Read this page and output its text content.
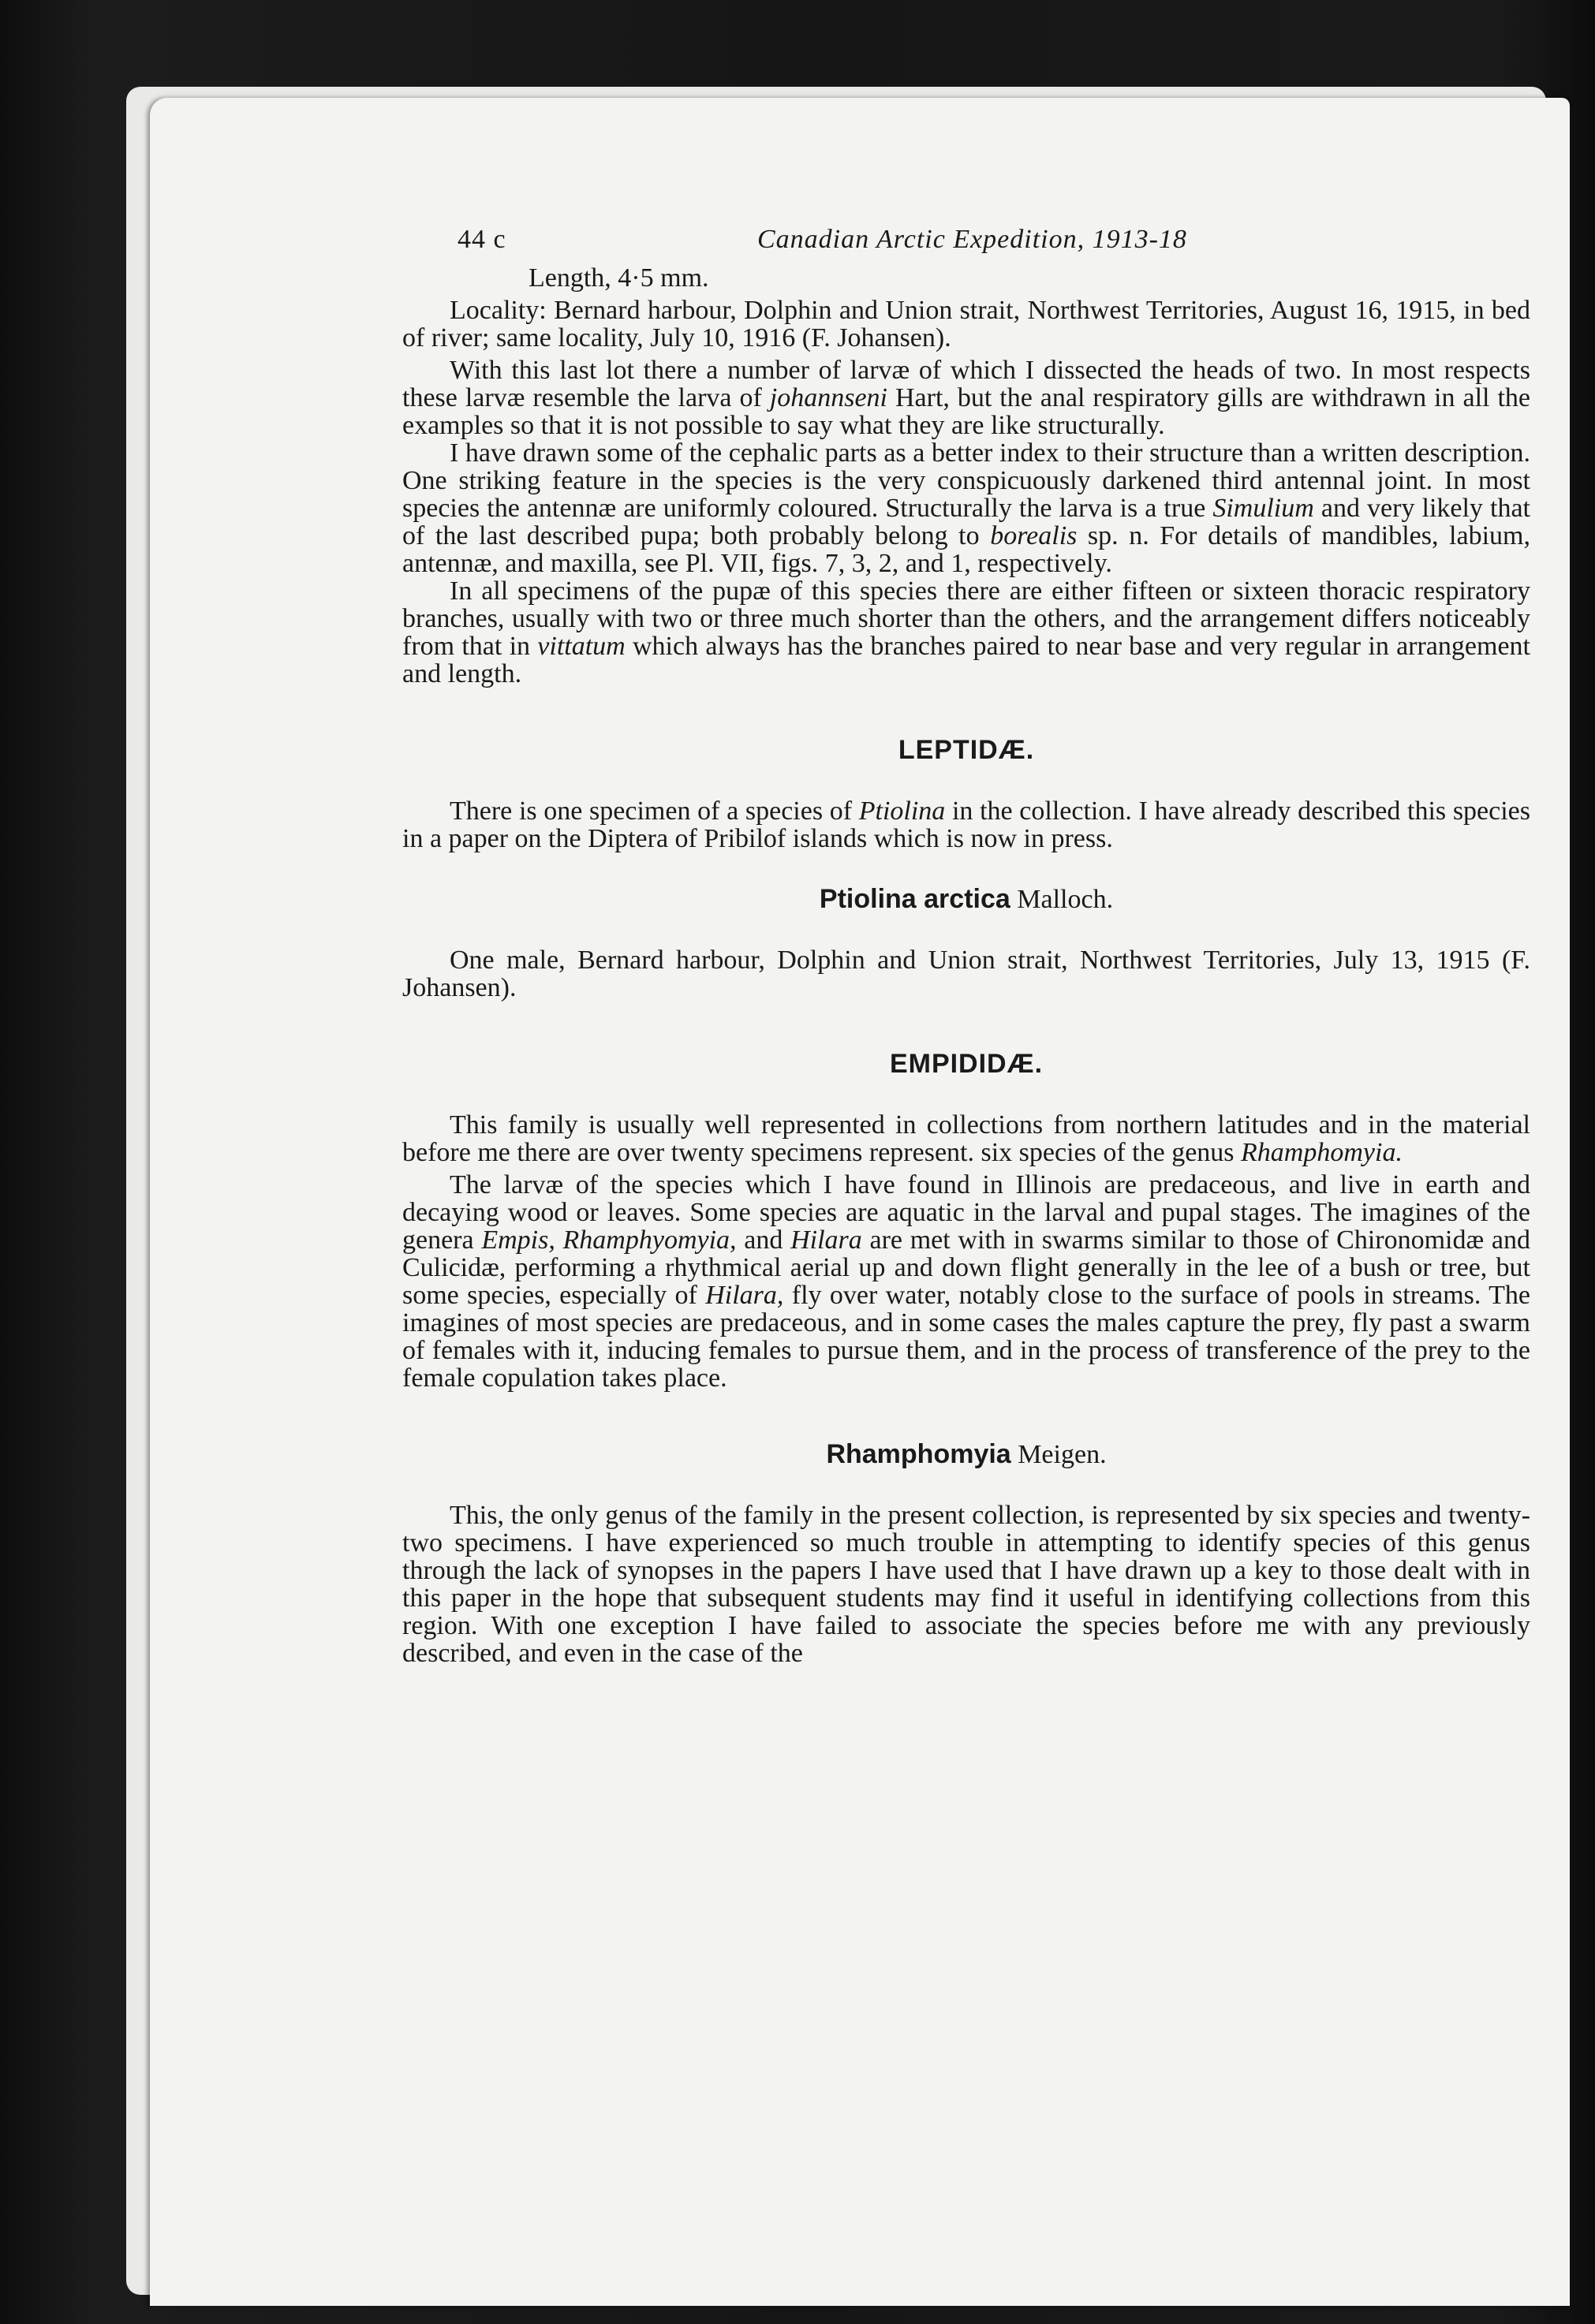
44 c	Canadian Arctic Expedition, 1913-18

Length, 4·5 mm.

Locality: Bernard harbour, Dolphin and Union strait, Northwest Territories, August 16, 1915, in bed of river; same locality, July 10, 1916 (F. Johansen).

With this last lot there a number of larvæ of which I dissected the heads of two. In most respects these larvæ resemble the larva of johannseni Hart, but the anal respiratory gills are withdrawn in all the examples so that it is not possible to say what they are like structurally.

I have drawn some of the cephalic parts as a better index to their structure than a written description. One striking feature in the species is the very conspicuously darkened third antennal joint. In most species the antennæ are uniformly coloured. Structurally the larva is a true Simulium and very likely that of the last described pupa; both probably belong to borealis sp. n. For details of mandibles, labium, antennæ, and maxilla, see Pl. VII, figs. 7, 3, 2, and 1, respectively.

In all specimens of the pupæ of this species there are either fifteen or sixteen thoracic respiratory branches, usually with two or three much shorter than the others, and the arrangement differs noticeably from that in vittatum which always has the branches paired to near base and very regular in arrangement and length.

LEPTIDÆ.

There is one specimen of a species of Ptiolina in the collection. I have already described this species in a paper on the Diptera of Pribilof islands which is now in press.

Ptiolina arctica Malloch.

One male, Bernard harbour, Dolphin and Union strait, Northwest Territories, July 13, 1915 (F. Johansen).

EMPIDIDÆ.

This family is usually well represented in collections from northern latitudes and in the material before me there are over twenty specimens represent. six species of the genus Rhamphomyia.

The larvæ of the species which I have found in Illinois are predaceous, and live in earth and decaying wood or leaves. Some species are aquatic in the larval and pupal stages. The imagines of the genera Empis, Rhamphyomyia, and Hilara are met with in swarms similar to those of Chironomidæ and Culicidæ, performing a rhythmical aerial up and down flight generally in the lee of a bush or tree, but some species, especially of Hilara, fly over water, notably close to the surface of pools in streams. The imagines of most species are predaceous, and in some cases the males capture the prey, fly past a swarm of females with it, inducing females to pursue them, and in the process of transference of the prey to the female copulation takes place.

Rhamphomyia Meigen.

This, the only genus of the family in the present collection, is represented by six species and twenty-two specimens. I have experienced so much trouble in attempting to identify species of this genus through the lack of synopses in the papers I have used that I have drawn up a key to those dealt with in this paper in the hope that subsequent students may find it useful in identifying collections from this region. With one exception I have failed to associate the species before me with any previously described, and even in the case of the
